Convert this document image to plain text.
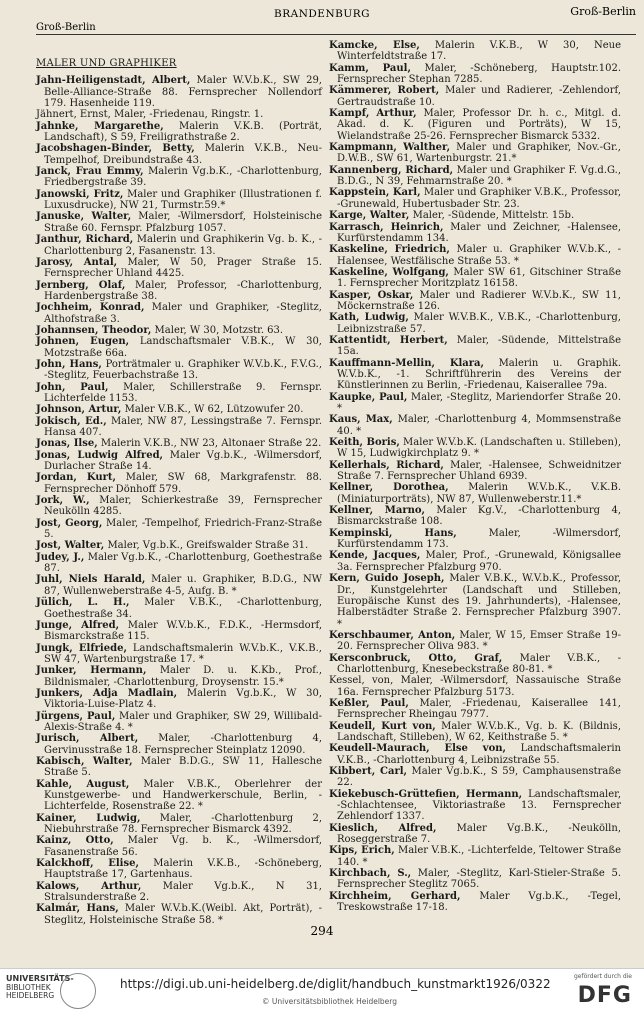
Groß-Berlin
BRANDENBURG	Groß-Berlin
MALER UND GRAPHIKER

Jahn-Heiligenstadt, Albert, Maler W.V.b.K., SW 29, Belle-Alliance-Straße 88. Fernsprecher Nollendorf 179. Hasenheide 119.

Jähnert, Ernst, Maler, -Friedenau, Ringstr. 1.

Jahnke, Margarethe, Malerin V.K.B. (Porträt, Landschaft), S 59, Freiligrathstraße 2.

Jacobshagen-Binder, Betty, Malerin V.K.B., Neu-Tempelhof, Dreibundstraße 43.

Janck, Frau Emmy, Malerin Vg.b.K., -Charlottenburg, Friedbergstraße 39.

Janowski, Fritz, Maler und Graphiker (Illustrationen f. Luxusdrucke), NW 21, Turmstr.59.*

Januske, Walter, Maler, -Wilmersdorf, Holsteinische Straße 60. Fernspr. Pfalzburg 1057.

Janthur, Richard, Malerin und Graphikerin Vg. b. K., -Charlottenburg 2, Fasanenstr. 13.

Jarosy, Antal, Maler, W 50, Prager Straße 15. Fernsprecher Uhland 4425.

Jernberg, Olaf, Maler, Professor, -Charlottenburg, Hardenbergstraße 38.

Jochheim, Konrad, Maler und Graphiker, -Steglitz, Althofstraße 3.

Johannsen, Theodor, Maler, W 30, Motzstr. 63.

Johnen, Eugen, Landschaftsmaler V.B.K., W 30, Motzstraße 66a.

John, Hans, Porträtmaler u. Graphiker W.V.b.K., F.V.G., -Steglitz, Feuerbachstraße 13.

John, Paul, Maler, Schillerstraße 9. Fernspr. Lichterfelde 1153.

Johnson, Artur, Maler V.B.K., W 62, Lützowufer 20.

Jokisch, Ed., Maler, NW 87, Lessingstraße 7. Fernspr. Hansa 407.

Jonas, Ilse, Malerin V.K.B., NW 23, Altonaer Straße 22.

Jonas, Ludwig Alfred, Maler Vg.b.K., -Wilmersdorf, Durlacher Straße 14.

Jordan, Kurt, Maler, SW 68, Markgrafenstr. 88. Fernsprecher Dönhoff 579.

Jork, W., Maler, Schierkestraße 39, Fernsprecher Neukölln 4285.

Jost, Georg, Maler, -Tempelhof, Friedrich-Franz-Straße 5.

Jost, Walter, Maler, Vg.b.K., Greifswalder Straße 31.

Judey, J., Maler Vg.b.K., -Charlottenburg, Goethestraße 87.

Juhl, Niels Harald, Maler u. Graphiker, B.D.G., NW 87, Wullenweberstraße 4-5, Aufg. B. *

Jülich, L. H., Maler V.B.K., -Charlottenburg, Goethestraße 34.

Junge, Alfred, Maler W.V.b.K., F.D.K., -Hermsdorf, Bismarckstraße 115.

Jungk, Elfriede, Landschaftsmalerin W.V.b.K., V.K.B., SW 47, Wartenburgstraße 17. *

Junker, Hermann, Maler D. u. K.Kb., Prof., Bildnismaler, -Charlottenburg, Droysenstr. 15.*

Junkers, Adja Madlain, Malerin Vg.b.K., W 30, Viktoria-Luise-Platz 4.

Jürgens, Paul, Maler und Graphiker, SW 29, Willibald-Alexis-Straße 4. *

Jurisch, Albert, Maler, -Charlottenburg 4, Gervinusstraße 18. Fernsprecher Steinplatz 12090.

Kabisch, Walter, Maler B.D.G., SW 11, Hallesche Straße 5.

Kahle, August, Maler V.B.K., Oberlehrer der Kunstgewerbe- und Handwerkerschule, Berlin, -Lichterfelde, Rosenstraße 22. *

Kainer, Ludwig, Maler, -Charlottenburg 2, Niebuhrstraße 78. Fernsprecher Bismarck 4392.

Kainz, Otto, Maler Vg. b. K., -Wilmersdorf, Fasanenstraße 56.

Kalckhoff, Elise, Malerin V.K.B., -Schöneberg, Hauptstraße 17, Gartenhaus.

Kalows, Arthur, Maler Vg.b.K., N 31, Stralsunderstraße 2.

Kalmár, Hans, Maler W.V.b.K.(Weibl. Akt, Porträt), -Steglitz, Holsteinische Straße 58. *

Kamcke, Else, Malerin V.K.B., W 30, Neue Winterfeldtstraße 17.

Kamm, Paul, Maler, -Schöneberg, Hauptstr.102. Fernsprecher Stephan 7285.

Kämmerer, Robert, Maler und Radierer, -Zehlendorf, Gertraudstraße 10.

Kampf, Arthur, Maler, Professor Dr. h. c., Mitgl. d. Akad. d. K. (Figuren und Porträts), W 15, Wielandstraße 25-26. Fernsprecher Bismarck 5332.

Kampmann, Walther, Maler und Graphiker, Nov.-Gr., D.W.B., SW 61, Wartenburgstr. 21.*

Kannenberg, Richard, Maler und Graphiker F. Vg.d.G., B.D.G., N 39, Fehmarnstraße 20. *

Kappstein, Karl, Maler und Graphiker V.B.K., Professor, -Grunewald, Hubertusbader Str. 23.

Karge, Walter, Maler, -Südende, Mittelstr. 15b.

Karrasch, Heinrich, Maler und Zeichner, -Halensee, Kurfürstendamm 134.

Kaskeline, Friedrich, Maler u. Graphiker W.V.b.K., -Halensee, Westfälische Straße 53. *

Kaskeline, Wolfgang, Maler SW 61, Gitschiner Straße 1. Fernsprecher Moritzplatz 16158.

Kasper, Oskar, Maler und Radierer W.V.b.K., SW 11, Möckernstraße 126.

Kath, Ludwig, Maler W.V.B.K., V.B.K., -Charlottenburg, Leibnizstraße 57.

Kattentidt, Herbert, Maler, -Südende, Mittelstraße 15a.

Kauffmann-Mellin, Klara, Malerin u. Graphik. W.V.b.K., -1. Schriftführerin des Vereins der Künstlerinnen zu Berlin, -Friedenau, Kaiserallee 79a.

Kaupke, Paul, Maler, -Steglitz, Mariendorfer Straße 20. *

Kaus, Max, Maler, -Charlottenburg 4, Mommsenstraße 40. *

Keith, Boris, Maler W.V.b.K. (Landschaften u. Stilleben), W 15, Ludwigkirchplatz 9. *

Kellerhals, Richard, Maler, -Halensee, Schweidnitzer Straße 7. Fernsprecher Uhland 6939.

Kellner, Dorothea, Malerin W.V.b.K., V.K.B. (Miniaturporträts), NW 87, Wullenweberstr.11.*

Kellner, Marno, Maler Kg.V., -Charlottenburg 4, Bismarckstraße 108.

Kempinski, Hans, Maler, -Wilmersdorf, Kurfürstendamm 173.

Kende, Jacques, Maler, Prof., -Grunewald, Königsallee 3a. Fernsprecher Pfalzburg 970.

Kern, Guido Joseph, Maler V.B.K., W.V.b.K., Professor, Dr., Kunstgelehrter (Landschaft und Stilleben, Europäische Kunst des 19. Jahrhunderts), -Halensee, Halberstädter Straße 2. Fernsprecher Pfalzburg 3907. *

Kerschbaumer, Anton, Maler, W 15, Emser Straße 19-20. Fernsprecher Oliva 983. *

Kersconbruck, Otto, Graf, Maler V.B.K., -Charlottenburg, Knesebeckstraße 80-81. *

Kessel, von, Maler, -Wilmersdorf, Nassauische Straße 16a. Fernsprecher Pfalzburg 5173.

Keßler, Paul, Maler, -Friedenau, Kaiserallee 141, Fernsprecher Rheingau 7977.

Keudell, Kurt von, Maler W.V.b.K., Vg. b. K. (Bildnis, Landschaft, Stilleben), W 62, Keithstraße 5. *

Keudell-Maurach, Else von, Landschaftsmalerin V.K.B., -Charlottenburg 4, Leibnizstraße 55.

Kibbert, Carl, Maler Vg.b.K., S 59, Camphausenstraße 22.

Kiekebusch-Grüttefien, Hermann, Landschaftsmaler, -Schlachtensee, Viktoriastraße 13. Fernsprecher Zehlendorf 1337.

Kieslich, Alfred, Maler Vg.B.K., -Neukölln, Roseggerstraße 7.

Kips, Erich, Maler V.B.K., -Lichterfelde, Teltower Straße 140. *

Kirchbach, S., Maler, -Steglitz, Karl-Stieler-Straße 5. Fernsprecher Steglitz 7065.

Kirchheim, Gerhard, Maler Vg.b.K., -Tegel, Treskowstraße 17-18.

294
UNIVERSITÄTS-
BIBLIOTHEK
HEIDELBERG
https://digi.ub.uni-heidelberg.de/diglit/handbuch_kunstmarkt1926/0322
© Universitätsbibliothek Heidelberg
gefördert durch die
DFG
